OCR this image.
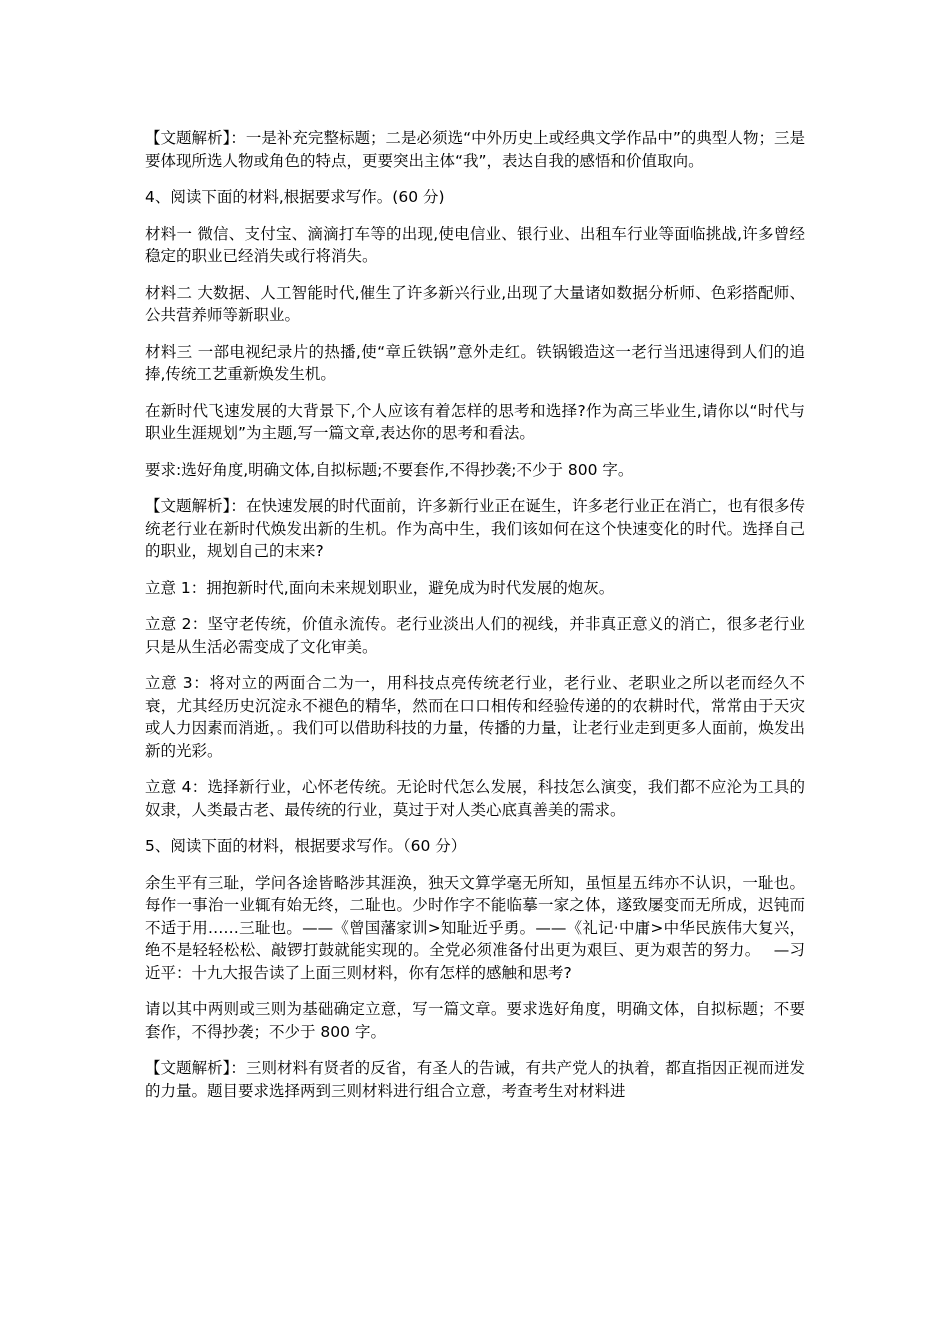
【文题解析】：一是补充完整标题；二是必须选“中外历史上或经典文学作品中”的典型人物；三是要体现所选人物或角色的特点，更要突出主体“我”，表达自我的感悟和价值取向。

4、阅读下面的材料,根据要求写作。(60 分)

材料一 微信、支付宝、滴滴打车等的出现,使电信业、银行业、出租车行业等面临挑战,许多曾经稳定的职业已经消失或行将消失。

材料二 大数据、人工智能时代,催生了许多新兴行业,出现了大量诸如数据分析师、色彩搭配师、公共营养师等新职业。

材料三 一部电视纪录片的热播,使“章丘铁锅”意外走红。铁锅锻造这一老行当迅速得到人们的追捧,传统工艺重新焕发生机。

在新时代飞速发展的大背景下,个人应该有着怎样的思考和选择?作为高三毕业生,请你以“时代与职业生涯规划”为主题,写一篇文章,表达你的思考和看法。

要求:选好角度,明确文体,自拟标题;不要套作,不得抄袭;不少于 800 字。

【文题解析】：在快速发展的时代面前，许多新行业正在诞生，许多老行业正在消亡，也有很多传统老行业在新时代焕发出新的生机。作为高中生，我们该如何在这个快速变化的时代。选择自己的职业，规划自己的末来?

立意 1：拥抱新时代,面向未来规划职业，避免成为时代发展的炮灰。

立意 2：坚守老传统，价值永流传。老行业淡出人们的视线，并非真正意义的消亡，很多老行业只是从生活必需变成了文化审美。

立意 3：将对立的两面合二为一，用科技点亮传统老行业，老行业、老职业之所以老而经久不衰，尤其经历史沉淀永不褪色的精华，然而在口口相传和经验传递的的农耕时代，常常由于天灾或人力因素而消逝，。我们可以借助科技的力量，传播的力量，让老行业走到更多人面前，焕发出新的光彩。

立意 4：选择新行业，心怀老传统。无论时代怎么发展，科技怎么演变，我们都不应沦为工具的奴隶，人类最古老、最传统的行业，莫过于对人类心底真善美的需求。

5、阅读下面的材料，根据要求写作。（60 分）

余生平有三耻，学问各途皆略涉其涯涣，独天文算学毫无所知，虽恒星五纬亦不认识，一耻也。每作一事治一业辄有始无终，二耻也。少时作字不能临摹一家之体，遂致屡变而无所成，迟钝而不适于用……三耻也。——《曾国藩家训>知耻近乎勇。——《礼记·中庸>中华民族伟大复兴，绝不是轻轻松松、敲锣打鼓就能实现的。全党必须准备付出更为艰巨、更为艰苦的努力。　 —习近平：十九大报告读了上面三则材料，你有怎样的感触和思考?

请以其中两则或三则为基础确定立意，写一篇文章。要求选好角度，明确文体，自拟标题；不要套作，不得抄袭；不少于 800 字。

【文题解析】：三则材料有贤者的反省，有圣人的告诫，有共产党人的执着，都直指因正视而迸发的力量。题目要求选择两到三则材料进行组合立意，考查考生对材料进
